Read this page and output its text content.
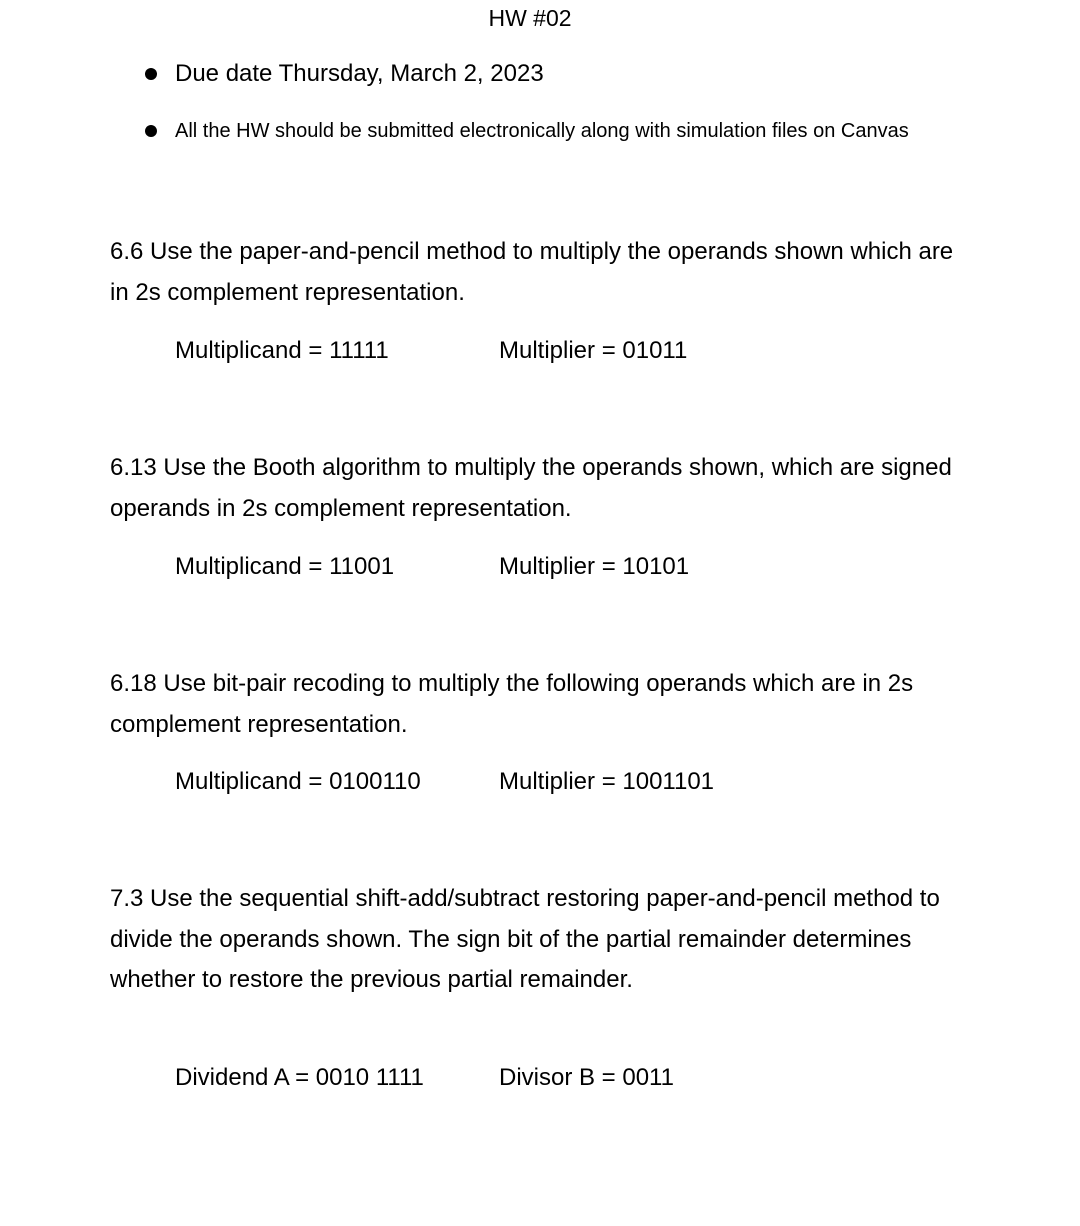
HW #02
Due date Thursday, March 2, 2023
All the HW should be submitted electronically along with simulation files on Canvas
6.6 Use the paper-and-pencil method to multiply the operands shown which are in 2s complement representation.
Multiplicand = 11111	Multiplier = 01011
6.13 Use the Booth algorithm to multiply the operands shown, which are signed operands in 2s complement representation.
Multiplicand = 11001	Multiplier = 10101
6.18 Use bit-pair recoding to multiply the following operands which are in 2s complement representation.
Multiplicand = 0100110	Multiplier = 1001101
7.3 Use the sequential shift-add/subtract restoring paper-and-pencil method to divide the operands shown. The sign bit of the partial remainder determines whether to restore the previous partial remainder.
Dividend A = 0010 1111	Divisor B = 0011
